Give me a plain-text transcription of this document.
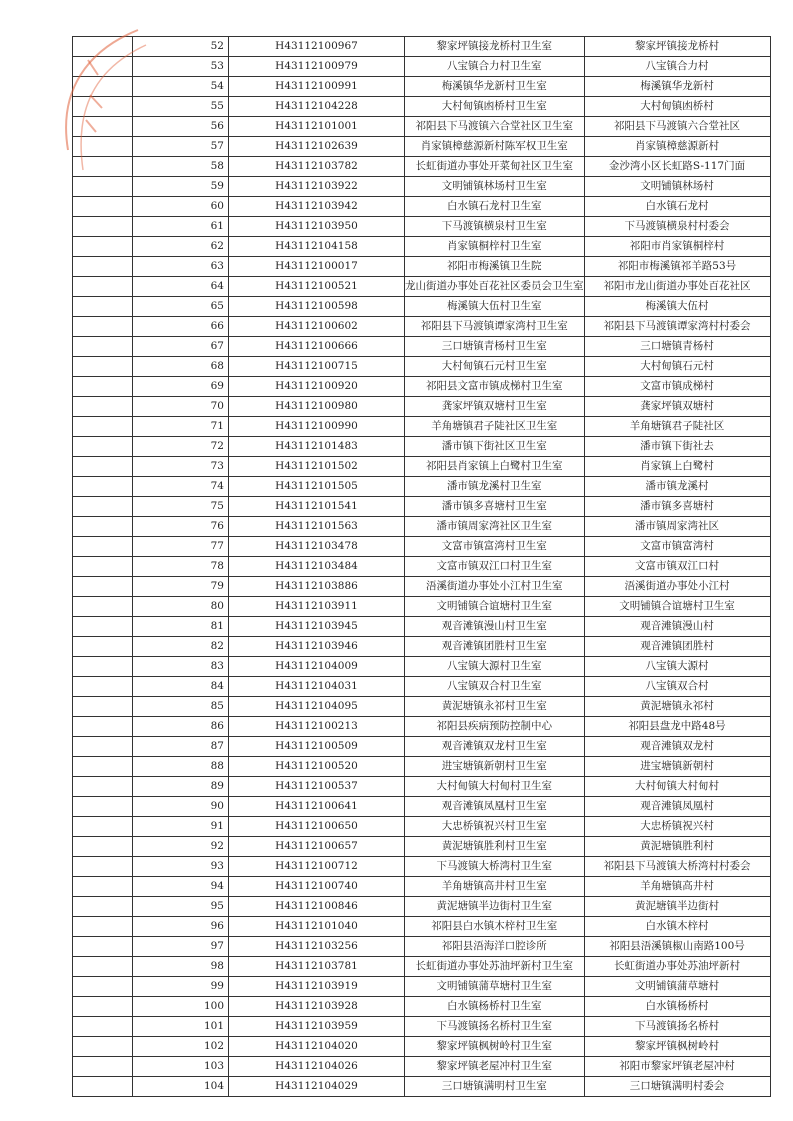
	52	H43112100967	黎家坪镇接龙桥村卫生室	黎家坪镇接龙桥村
	53	H43112100979	八宝镇合力村卫生室	八宝镇合力村
	54	H43112100991	梅溪镇华龙新村卫生室	梅溪镇华龙新村
	55	H43112104228	大村甸镇凼桥村卫生室	大村甸镇凼桥村
	56	H43112101001	祁阳县下马渡镇六合堂社区卫生室	祁阳县下马渡镇六合堂社区
	57	H43112102639	肖家镇樟慈源新村陈军权卫生室	肖家镇樟慈源新村
	58	H43112103782	长虹街道办事处开菜甸社区卫生室	金沙湾小区长虹路S-117门面
	59	H43112103922	文明铺镇林场村卫生室	文明铺镇林场村
	60	H43112103942	白水镇石龙村卫生室	白水镇石龙村
	61	H43112103950	下马渡镇横泉村卫生室	下马渡镇横泉村村委会
	62	H43112104158	肖家镇桐梓村卫生室	祁阳市肖家镇桐梓村
	63	H43112100017	祁阳市梅溪镇卫生院	祁阳市梅溪镇祁羊路53号
	64	H43112100521	龙山街道办事处百花社区委员会卫生室	祁阳市龙山街道办事处百花社区
	65	H43112100598	梅溪镇大伍村卫生室	梅溪镇大伍村
	66	H43112100602	祁阳县下马渡镇谭家湾村卫生室	祁阳县下马渡镇谭家湾村村委会
	67	H43112100666	三口塘镇青杨村卫生室	三口塘镇青杨村
	68	H43112100715	大村甸镇石元村卫生室	大村甸镇石元村
	69	H43112100920	祁阳县文富市镇成梯村卫生室	文富市镇成梯村
	70	H43112100980	龚家坪镇双塘村卫生室	龚家坪镇双塘村
	71	H43112100990	羊角塘镇君子陡社区卫生室	羊角塘镇君子陡社区
	72	H43112101483	潘市镇下街社区卫生室	潘市镇下街社去
	73	H43112101502	祁阳县肖家镇上白鹭村卫生室	肖家镇上白鹭村
	74	H43112101505	潘市镇龙溪村卫生室	潘市镇龙溪村
	75	H43112101541	潘市镇多喜塘村卫生室	潘市镇多喜塘村
	76	H43112101563	潘市镇周家湾社区卫生室	潘市镇周家湾社区
	77	H43112103478	文富市镇富湾村卫生室	文富市镇富湾村
	78	H43112103484	文富市镇双江口村卫生室	文富市镇双江口村
	79	H43112103886	浯溪街道办事处小江村卫生室	浯溪街道办事处小江村
	80	H43112103911	文明铺镇合谊塘村卫生室	文明铺镇合谊塘村卫生室
	81	H43112103945	观音滩镇漫山村卫生室	观音滩镇漫山村
	82	H43112103946	观音滩镇团胜村卫生室	观音滩镇团胜村
	83	H43112104009	八宝镇大源村卫生室	八宝镇大源村
	84	H43112104031	八宝镇双合村卫生室	八宝镇双合村
	85	H43112104095	黄泥塘镇永祁村卫生室	黄泥塘镇永祁村
	86	H43112100213	祁阳县疾病预防控制中心	祁阳县盘龙中路48号
	87	H43112100509	观音滩镇双龙村卫生室	观音滩镇双龙村
	88	H43112100520	进宝塘镇新朝村卫生室	进宝塘镇新朝村
	89	H43112100537	大村甸镇大村甸村卫生室	大村甸镇大村甸村
	90	H43112100641	观音滩镇凤凰村卫生室	观音滩镇凤凰村
	91	H43112100650	大忠桥镇祝兴村卫生室	大忠桥镇祝兴村
	92	H43112100657	黄泥塘镇胜利村卫生室	黄泥塘镇胜利村
	93	H43112100712	下马渡镇大桥湾村卫生室	祁阳县下马渡镇大桥湾村村委会
	94	H43112100740	羊角塘镇高井村卫生室	羊角塘镇高井村
	95	H43112100846	黄泥塘镇半边街村卫生室	黄泥塘镇半边街村
	96	H43112101040	祁阳县白水镇木梓村卫生室	白水镇木梓村
	97	H43112103256	祁阳县浯海洋口腔诊所	祁阳县浯溪镇椒山南路100号
	98	H43112103781	长虹街道办事处苏油坪新村卫生室	长虹街道办事处苏油坪新村
	99	H43112103919	文明铺镇蒲草塘村卫生室	文明铺镇蒲草塘村
	100	H43112103928	白水镇杨桥村卫生室	白水镇杨桥村
	101	H43112103959	下马渡镇扬名桥村卫生室	下马渡镇扬名桥村
	102	H43112104020	黎家坪镇枫树岭村卫生室	黎家坪镇枫树岭村
	103	H43112104026	黎家坪镇老屋冲村卫生室	祁阳市黎家坪镇老屋冲村
	104	H43112104029	三口塘镇满明村卫生室	三口塘镇满明村委会
